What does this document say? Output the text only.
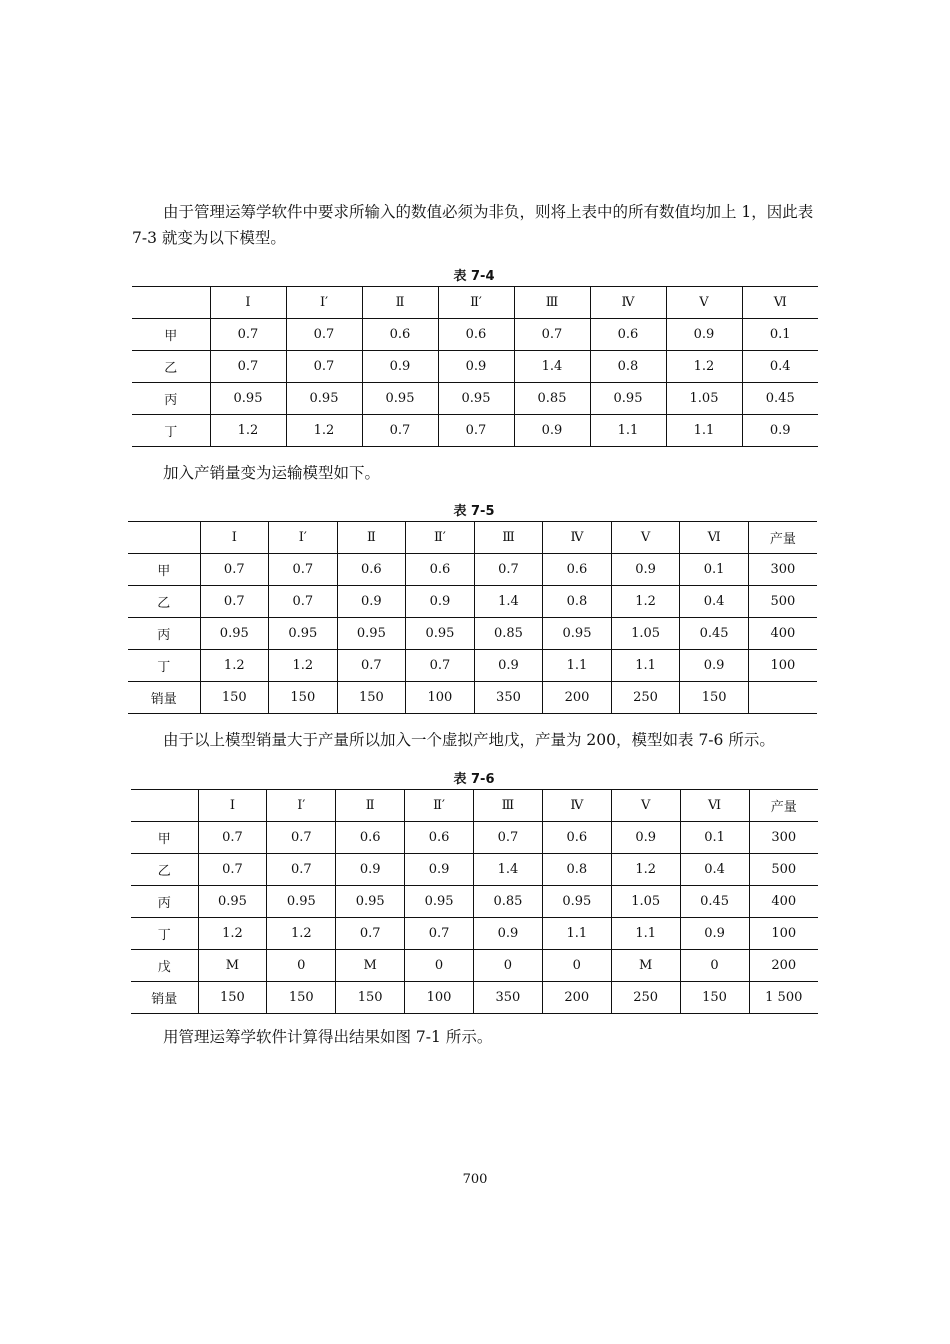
由于管理运筹学软件中要求所输入的数值必须为非负，则将上表中的所有数值均加上 1，因此表 7-3 就变为以下模型。

表 7-4
	Ⅰ	Ⅰ′	Ⅱ	Ⅱ′	Ⅲ	Ⅳ	Ⅴ	Ⅵ
甲	0.7	0.7	0.6	0.6	0.7	0.6	0.9	0.1
乙	0.7	0.7	0.9	0.9	1.4	0.8	1.2	0.4
丙	0.95	0.95	0.95	0.95	0.85	0.95	1.05	0.45
丁	1.2	1.2	0.7	0.7	0.9	1.1	1.1	0.9

加入产销量变为运输模型如下。

表 7-5
	Ⅰ	Ⅰ′	Ⅱ	Ⅱ′	Ⅲ	Ⅳ	Ⅴ	Ⅵ	产量
甲	0.7	0.7	0.6	0.6	0.7	0.6	0.9	0.1	300
乙	0.7	0.7	0.9	0.9	1.4	0.8	1.2	0.4	500
丙	0.95	0.95	0.95	0.95	0.85	0.95	1.05	0.45	400
丁	1.2	1.2	0.7	0.7	0.9	1.1	1.1	0.9	100
销量	150	150	150	100	350	200	250	150	

由于以上模型销量大于产量所以加入一个虚拟产地戊，产量为 200，模型如表 7-6 所示。

表 7-6
	Ⅰ	Ⅰ′	Ⅱ	Ⅱ′	Ⅲ	Ⅳ	Ⅴ	Ⅵ	产量
甲	0.7	0.7	0.6	0.6	0.7	0.6	0.9	0.1	300
乙	0.7	0.7	0.9	0.9	1.4	0.8	1.2	0.4	500
丙	0.95	0.95	0.95	0.95	0.85	0.95	1.05	0.45	400
丁	1.2	1.2	0.7	0.7	0.9	1.1	1.1	0.9	100
戊	M	0	M	0	0	0	M	0	200
销量	150	150	150	100	350	200	250	150	1 500

用管理运筹学软件计算得出结果如图 7-1 所示。

700
